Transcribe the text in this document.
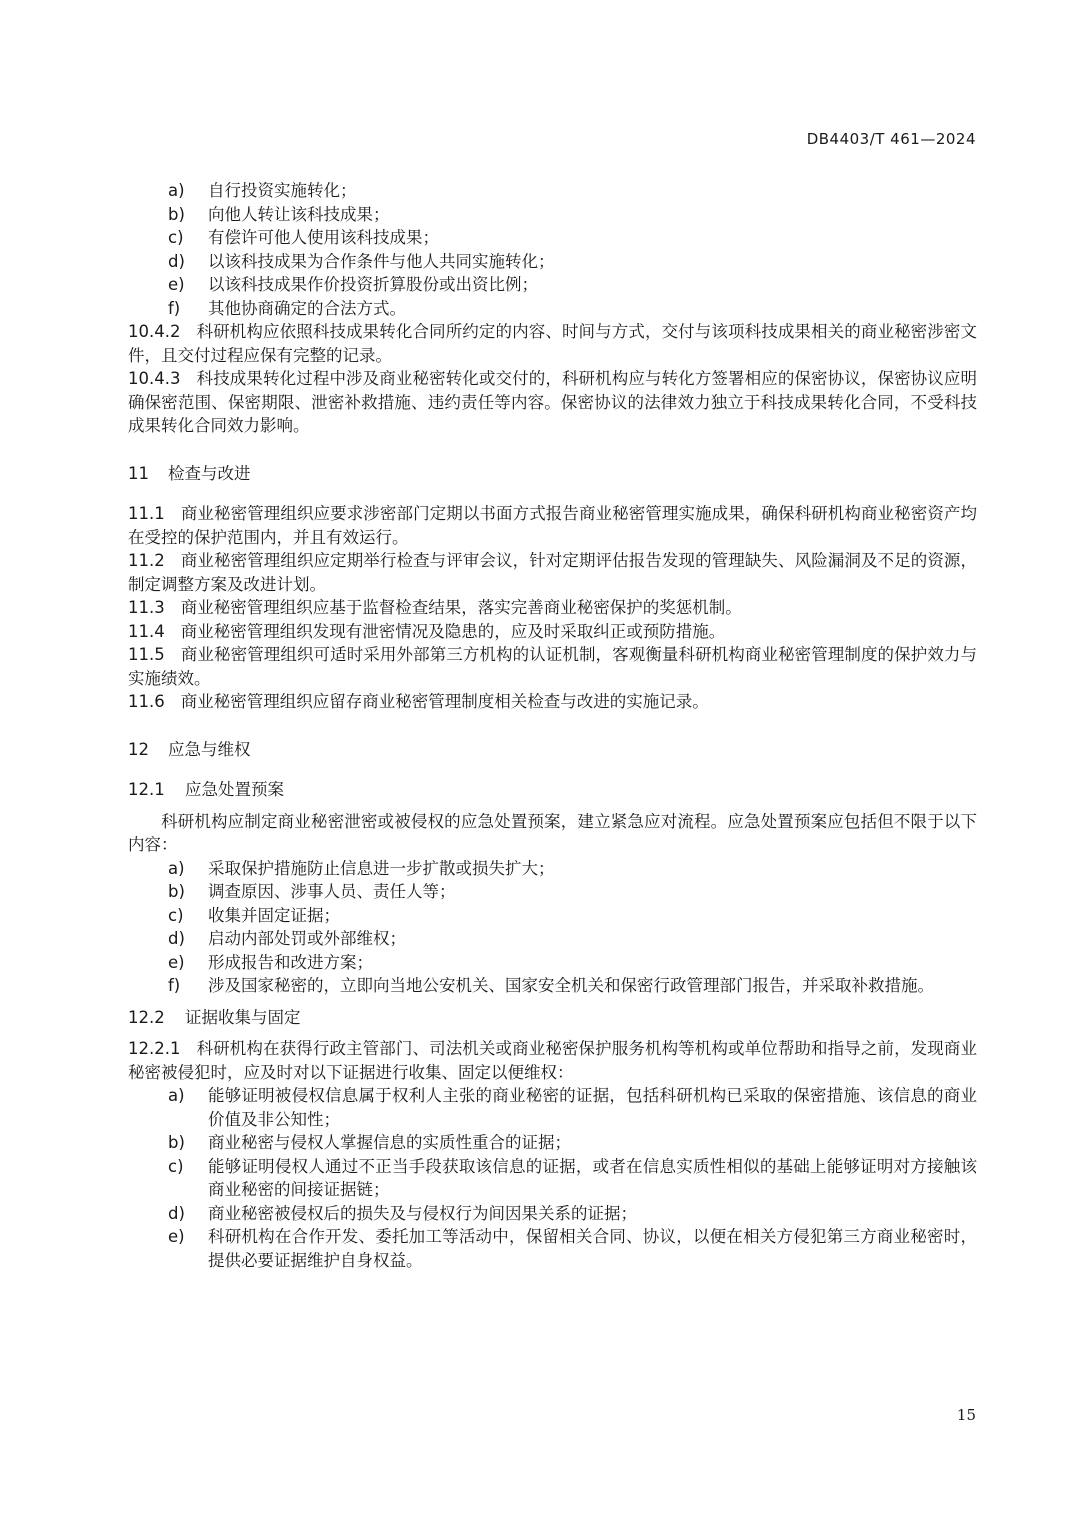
DB4403/T 461—2024
a)	自行投资实施转化；
b)	向他人转让该科技成果；
c)	有偿许可他人使用该科技成果；
d)	以该科技成果为合作条件与他人共同实施转化；
e)	以该科技成果作价投资折算股份或出资比例；
f)	其他协商确定的合法方式。
10.4.2 科研机构应依照科技成果转化合同所约定的内容、时间与方式，交付与该项科技成果相关的商业秘密涉密文件，且交付过程应保有完整的记录。
10.4.3 科技成果转化过程中涉及商业秘密转化或交付的，科研机构应与转化方签署相应的保密协议，保密协议应明确保密范围、保密期限、泄密补救措施、违约责任等内容。保密协议的法律效力独立于科技成果转化合同，不受科技成果转化合同效力影响。
11 检查与改进
11.1 商业秘密管理组织应要求涉密部门定期以书面方式报告商业秘密管理实施成果，确保科研机构商业秘密资产均在受控的保护范围内，并且有效运行。
11.2 商业秘密管理组织应定期举行检查与评审会议，针对定期评估报告发现的管理缺失、风险漏洞及不足的资源，制定调整方案及改进计划。
11.3 商业秘密管理组织应基于监督检查结果，落实完善商业秘密保护的奖惩机制。
11.4 商业秘密管理组织发现有泄密情况及隐患的，应及时采取纠正或预防措施。
11.5 商业秘密管理组织可适时采用外部第三方机构的认证机制，客观衡量科研机构商业秘密管理制度的保护效力与实施绩效。
11.6 商业秘密管理组织应留存商业秘密管理制度相关检查与改进的实施记录。
12 应急与维权
12.1 应急处置预案
科研机构应制定商业秘密泄密或被侵权的应急处置预案，建立紧急应对流程。应急处置预案应包括但不限于以下内容：
a)	采取保护措施防止信息进一步扩散或损失扩大；
b)	调查原因、涉事人员、责任人等；
c)	收集并固定证据；
d)	启动内部处罚或外部维权；
e)	形成报告和改进方案；
f)	涉及国家秘密的，立即向当地公安机关、国家安全机关和保密行政管理部门报告，并采取补救措施。
12.2 证据收集与固定
12.2.1 科研机构在获得行政主管部门、司法机关或商业秘密保护服务机构等机构或单位帮助和指导之前，发现商业秘密被侵犯时，应及时对以下证据进行收集、固定以便维权：
a)	能够证明被侵权信息属于权利人主张的商业秘密的证据，包括科研机构已采取的保密措施、该信息的商业价值及非公知性；
b)	商业秘密与侵权人掌握信息的实质性重合的证据；
c)	能够证明侵权人通过不正当手段获取该信息的证据，或者在信息实质性相似的基础上能够证明对方接触该商业秘密的间接证据链；
d)	商业秘密被侵权后的损失及与侵权行为间因果关系的证据；
e)	科研机构在合作开发、委托加工等活动中，保留相关合同、协议，以便在相关方侵犯第三方商业秘密时，提供必要证据维护自身权益。
15
